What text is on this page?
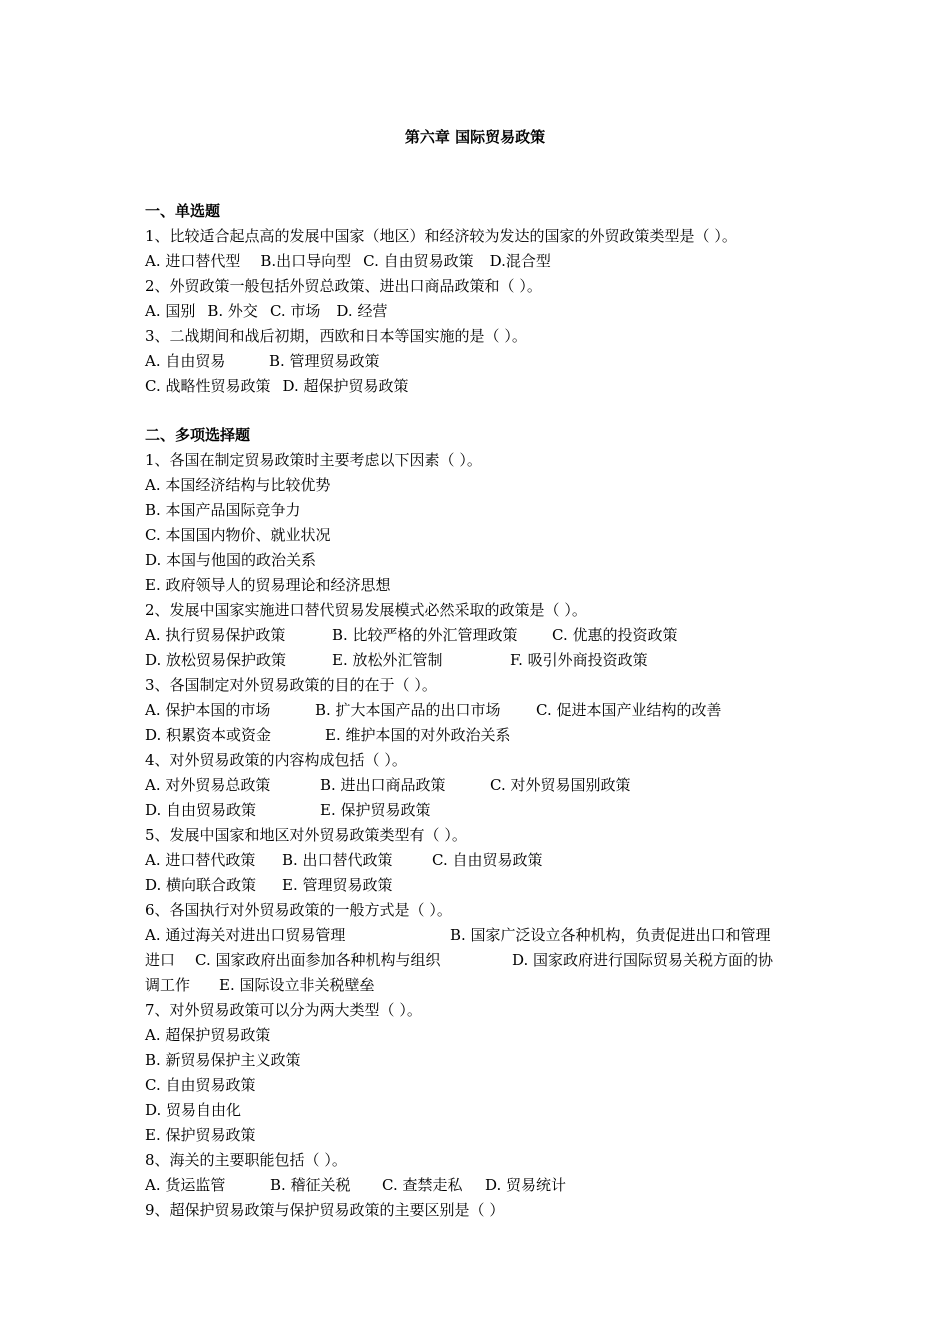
第六章 国际贸易政策
一、单选题
1、比较适合起点高的发展中国家（地区）和经济较为发达的国家的外贸政策类型是（ ）。
A. 进口替代型 B.出口导向型 C. 自由贸易政策 D.混合型
2、外贸政策一般包括外贸总政策、进出口商品政策和（ ）。
A. 国别 B. 外交 C. 市场 D. 经营
3、二战期间和战后初期，西欧和日本等国实施的是（ ）。
A. 自由贸易	B. 管理贸易政策
C. 战略性贸易政策 D. 超保护贸易政策
二、多项选择题
1、各国在制定贸易政策时主要考虑以下因素（ ）。
A. 本国经济结构与比较优势
B. 本国产品国际竞争力
C. 本国国内物价、就业状况
D. 本国与他国的政治关系
E. 政府领导人的贸易理论和经济思想
2、发展中国家实施进口替代贸易发展模式必然采取的政策是（ ）。
A. 执行贸易保护政策	B. 比较严格的外汇管理政策 C. 优惠的投资政策
D. 放松贸易保护政策	E. 放松外汇管制	F. 吸引外商投资政策
3、各国制定对外贸易政策的目的在于（ ）。
A. 保护本国的市场	B. 扩大本国产品的出口市场 C. 促进本国产业结构的改善
D. 积累资本或资金	E. 维护本国的对外政治关系
4、对外贸易政策的内容构成包括（ ）。
A. 对外贸易总政策	B. 进出口商品政策	C. 对外贸易国别政策
D. 自由贸易政策	E. 保护贸易政策
5、发展中国家和地区对外贸易政策类型有（ ）。
A. 进口替代政策 B. 出口替代政策	C. 自由贸易政策
D. 横向联合政策 E. 管理贸易政策
6、各国执行对外贸易政策的一般方式是（ ）。
A. 通过海关对进出口贸易管理	B. 国家广泛设立各种机构，负责促进出口和管理
进口 C. 国家政府出面参加各种机构与组织	D. 国家政府进行国际贸易关税方面的协
调工作 E. 国际设立非关税壁垒
7、对外贸易政策可以分为两大类型（ ）。
A. 超保护贸易政策
B. 新贸易保护主义政策
C. 自由贸易政策
D. 贸易自由化
E. 保护贸易政策
8、海关的主要职能包括（ ）。
A. 货运监管	B. 稽征关税 C. 查禁走私 D. 贸易统计
9、超保护贸易政策与保护贸易政策的主要区别是（ ）
